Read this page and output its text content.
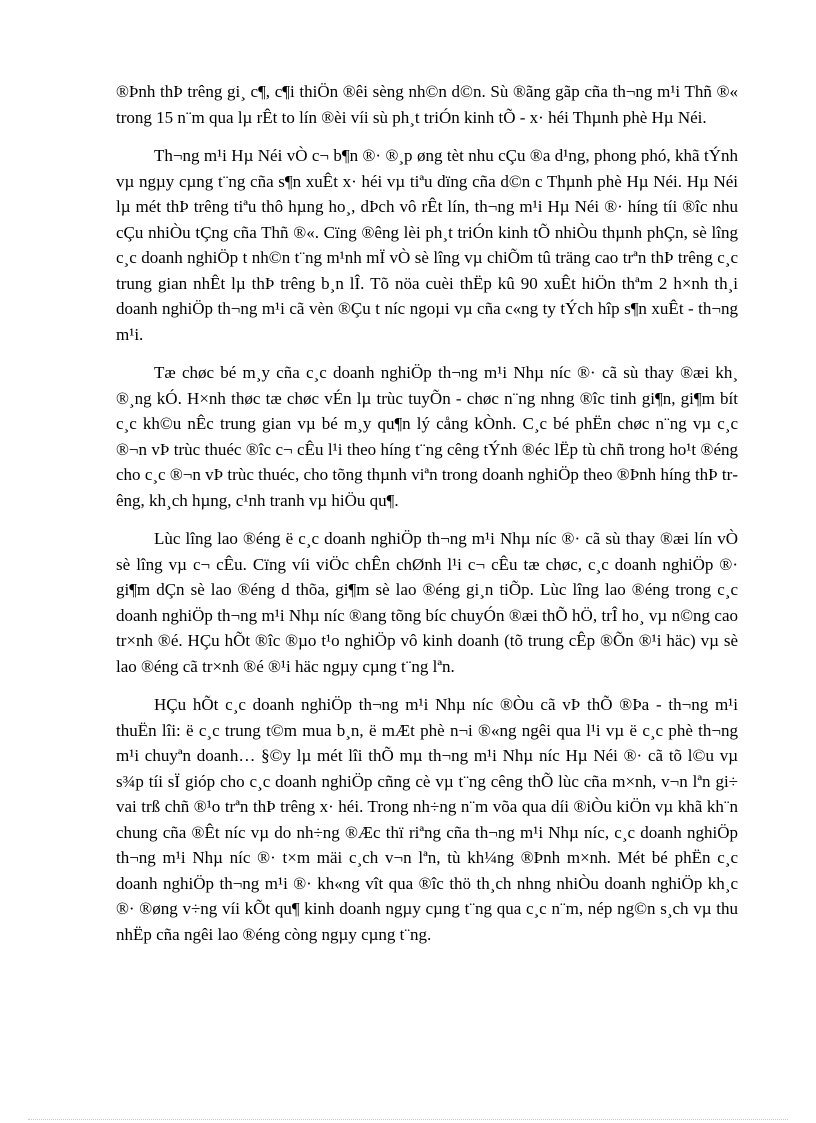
®Þnh thÞ trêng gi¸ c¶, c¶i thiÖn ®êi sèng nh©n d©n. Sù ®ãng gãp cña th¬ng m¹i Thñ ®« trong 15 n¨m qua lµ rÊt to lín ®èi víi sù ph¸t triÓn kinh tÕ - x· héi Thµnh phè Hµ Néi.

Th¬ng m¹i Hµ Néi vÒ c¬ b¶n ®· ®¸p øng tèt nhu cÇu ®a d¹ng, phong phó, khã tÝnh vµ ngµy cµng t¨ng cña s¶n xuÊt x· héi vµ tiªu dïng cña d©n c Thµnh phè Hµ Néi. Hµ Néi lµ mét thÞ trêng tiªu thô hµng ho¸, dÞch vô rÊt lín, th¬ng m¹i Hµ Néi ®· híng tíi ®îc nhu cÇu nhiÒu tÇng cña Thñ ®«. Cïng ®êng lèi ph¸t triÓn kinh tÕ nhiÒu thµnh phÇn, sè lîng c¸c doanh nghiÖp t nh©n t¨ng m¹nh mÏ vÒ sè lîng vµ chiÕm tû träng cao trªn thÞ trêng c¸c trung gian nhÊt lµ thÞ trêng b¸n lÎ. Tõ nöa cuèi thËp kû 90 xuÊt hiÖn thªm 2 h×nh th¸i doanh nghiÖp th¬ng m¹i cã vèn ®Çu t níc ngoµi vµ cña c«ng ty tÝch hîp s¶n xuÊt - th¬ng m¹i.

Tæ chøc bé m¸y cña c¸c doanh nghiÖp th¬ng m¹i Nhµ níc ®· cã sù thay ®æi kh¸ ®¸ng kÓ. H×nh thøc tæ chøc vÉn lµ trùc tuyÕn - chøc n¨ng nhng ®îc tinh gi¶n, gi¶m bít c¸c kh©u nÊc trung gian vµ bé m¸y qu¶n lý cång kÒnh. C¸c bé phËn chøc n¨ng vµ c¸c ®¬n vÞ trùc thuéc ®îc c¬ cÊu l¹i theo híng t¨ng cêng tÝnh ®éc lËp tù chñ trong ho¹t ®éng cho c¸c ®¬n vÞ trùc thuéc, cho tõng thµnh viªn trong doanh nghiÖp theo ®Þnh híng thÞ trêng, kh¸ch hµng, c¹nh tranh vµ hiÖu qu¶.

Lùc lîng lao ®éng ë c¸c doanh nghiÖp th¬ng m¹i Nhµ níc ®· cã sù thay ®æi lín vÒ sè lîng vµ c¬ cÊu. Cïng víi viÖc chÊn chØnh l¹i c¬ cÊu tæ chøc, c¸c doanh nghiÖp ®· gi¶m dÇn sè lao ®éng d thõa, gi¶m sè lao ®éng gi¸n tiÕp. Lùc lîng lao ®éng trong c¸c doanh nghiÖp th¬ng m¹i Nhµ níc ®ang tõng bíc chuyÓn ®æi thÕ hÖ, trÎ ho¸ vµ n©ng cao tr×nh ®é. HÇu hÕt ®îc ®µo t¹o nghiÖp vô kinh doanh (tõ trung cÊp ®Õn ®¹i häc) vµ sè lao ®éng cã tr×nh ®é ®¹i häc ngµy cµng t¨ng lªn.

HÇu hÕt c¸c doanh nghiÖp th¬ng m¹i Nhµ níc ®Òu cã vÞ thÕ ®Þa - th¬ng m¹i thuËn lîi: ë c¸c trung t©m mua b¸n, ë mÆt phè n¬i ®«ng ngêi qua l¹i vµ ë c¸c phè th¬ng m¹i chuyªn doanh… §©y lµ mét lîi thÕ mµ th¬ng m¹i Nhµ níc Hµ Néi ®· cã tõ l©u vµ s¾p tíi sÏ gióp cho c¸c doanh nghiÖp cñng cè vµ t¨ng cêng thÕ lùc cña m×nh, v¬n lªn gi÷ vai trß chñ ®¹o trªn thÞ trêng x· héi. Trong nh÷ng n¨m võa qua díi ®iÒu kiÖn vµ khã kh¨n chung cña ®Êt níc vµ do nh÷ng ®Æc thï riªng cña th¬ng m¹i Nhµ níc, c¸c doanh nghiÖp th¬ng m¹i Nhµ níc ®· t×m mäi c¸ch v¬n lªn, tù kh¼ng ®Þnh m×nh. Mét bé phËn c¸c doanh nghiÖp th¬ng m¹i ®· kh«ng vît qua ®îc thö th¸ch nhng nhiÒu doanh nghiÖp kh¸c ®· ®øng v÷ng víi kÕt qu¶ kinh doanh ngµy cµng t¨ng qua c¸c n¨m, nép ng©n s¸ch vµ thu nhËp cña ngêi lao ®éng còng ngµy cµng t¨ng.
